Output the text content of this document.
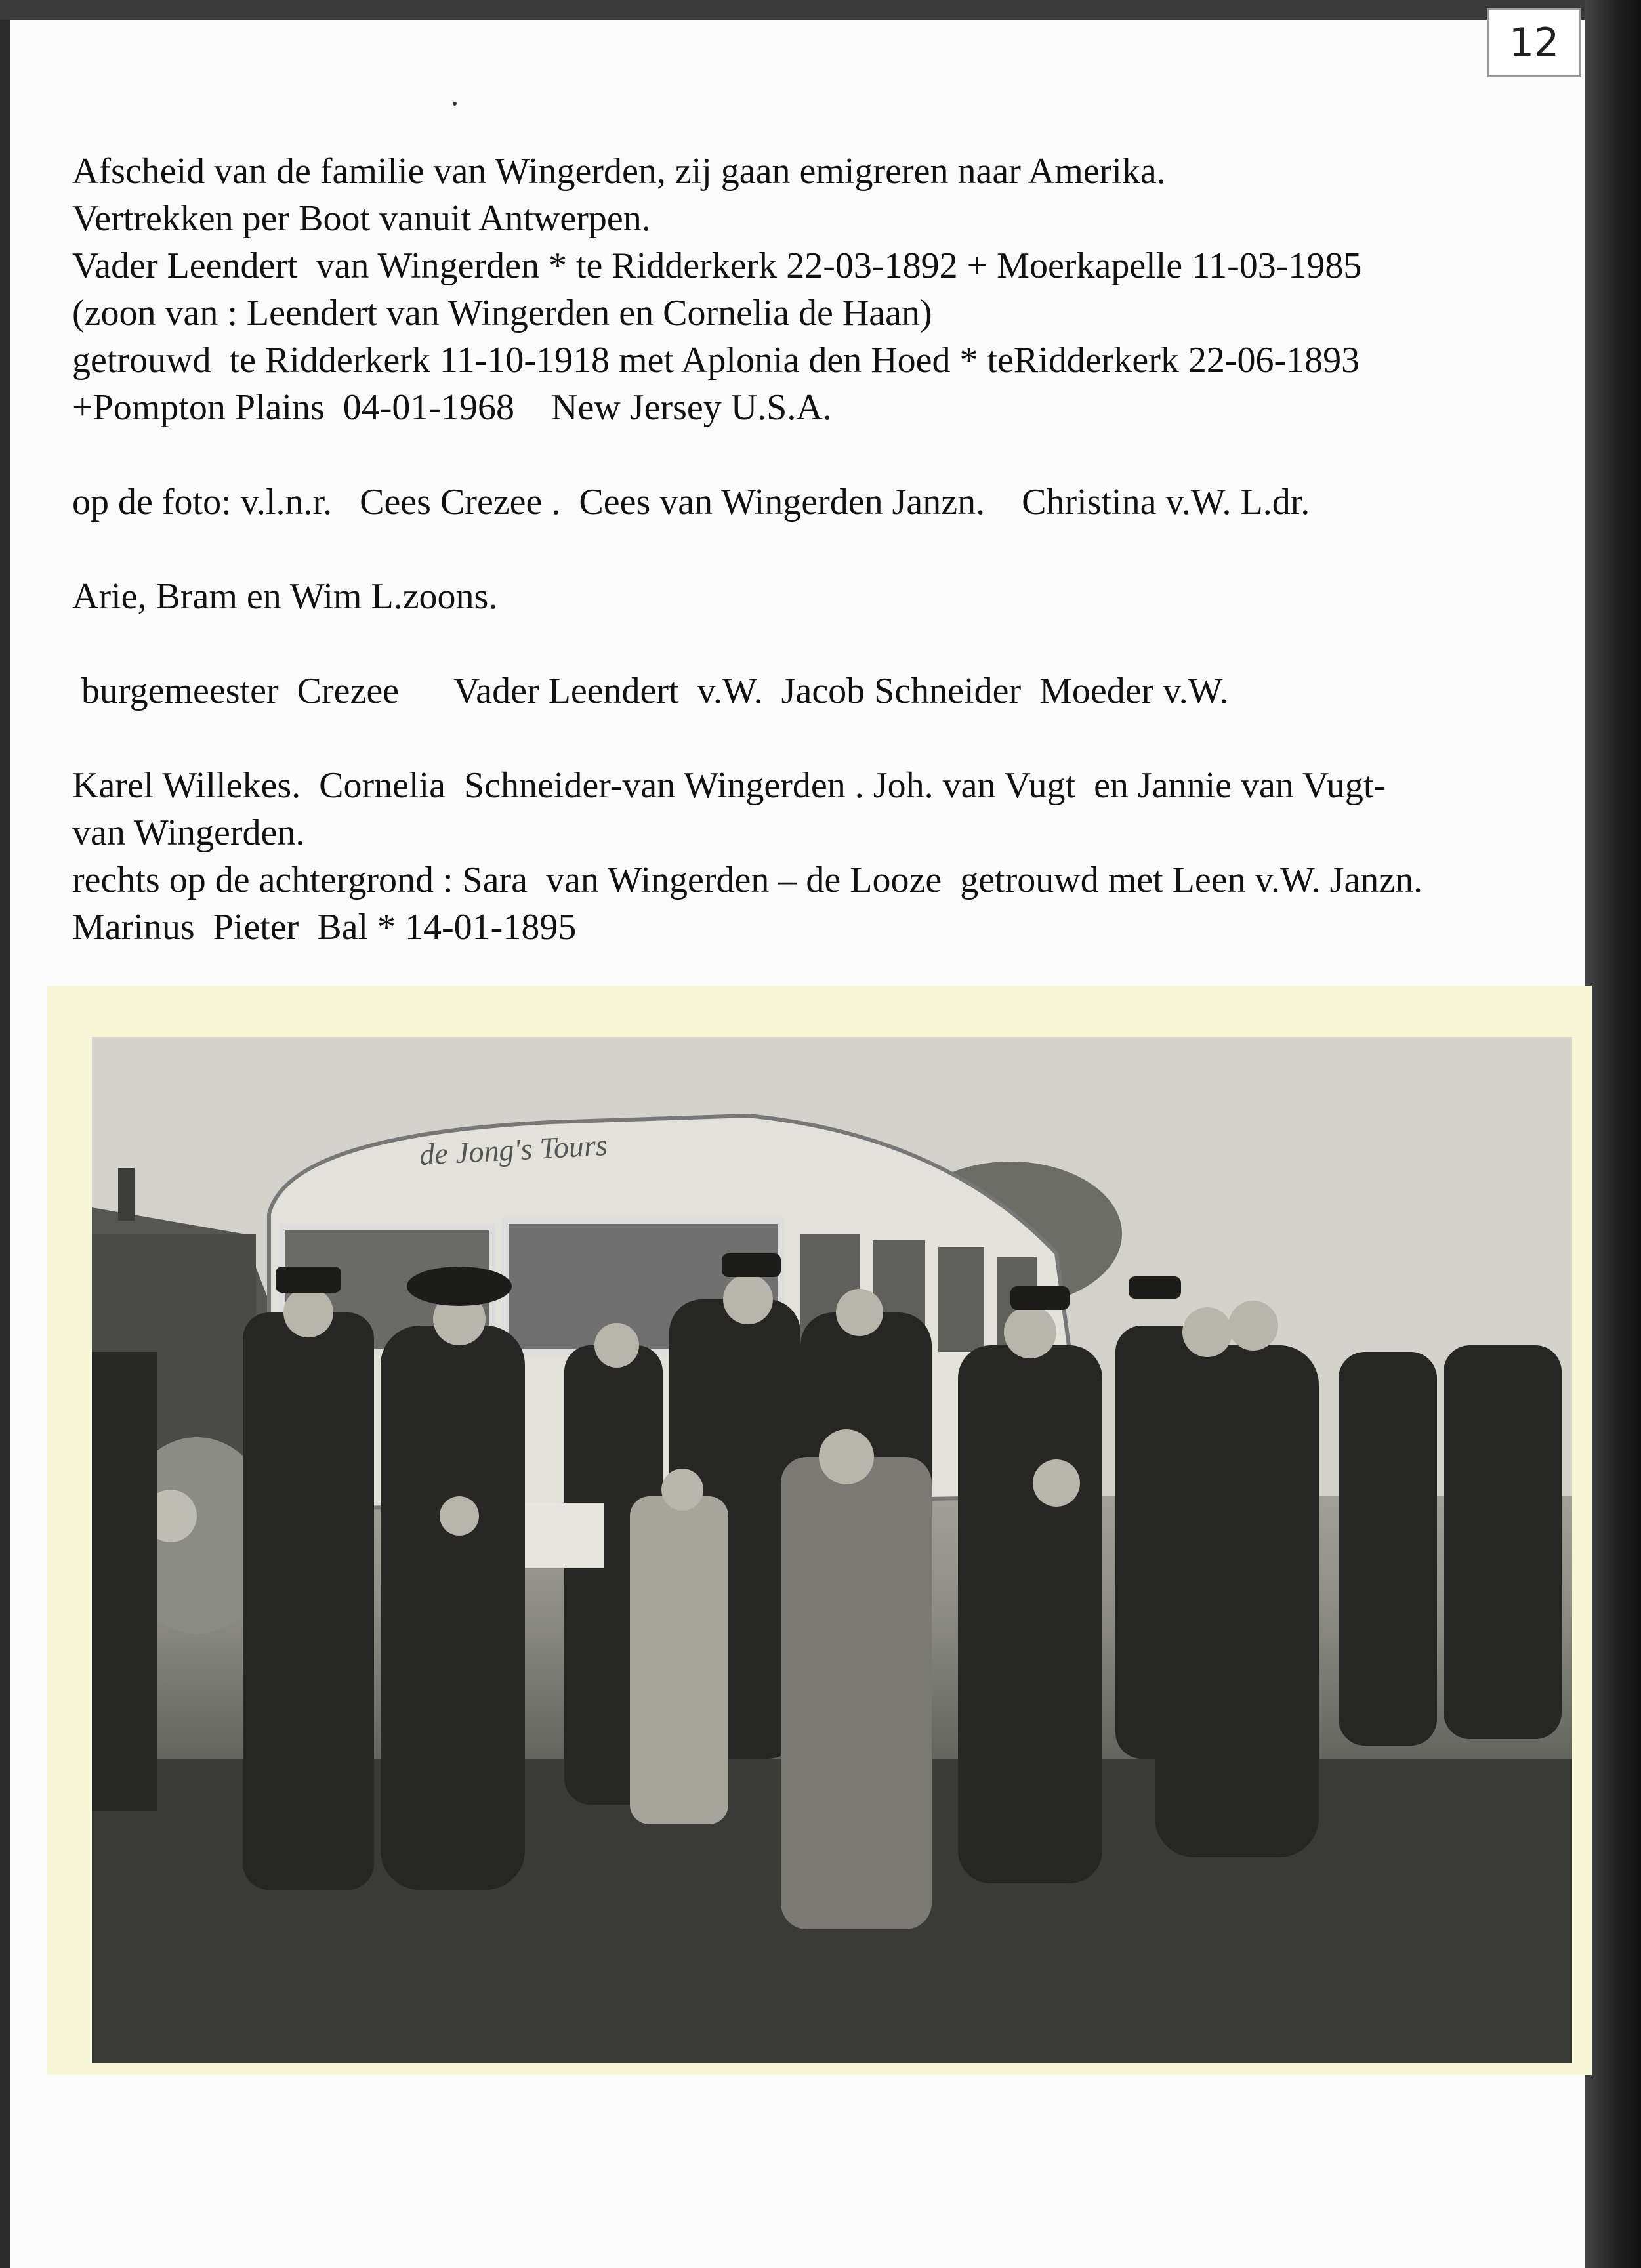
12
Afscheid van de familie van Wingerden, zij gaan emigreren naar Amerika.
Vertrekken per Boot vanuit Antwerpen.
Vader Leendert  van Wingerden * te Ridderkerk 22-03-1892 + Moerkapelle 11-03-1985
(zoon van : Leendert van Wingerden en Cornelia de Haan)
getrouwd  te Ridderkerk 11-10-1918 met Aplonia den Hoed * teRidderkerk 22-06-1893
+Pompton Plains  04-01-1968    New Jersey U.S.A.
op de foto: v.l.n.r.   Cees Crezee .  Cees van Wingerden Janzn.    Christina v.W. L.dr.
Arie, Bram en Wim L.zoons.
burgemeester  Crezee      Vader Leendert  v.W.  Jacob Schneider  Moeder v.W.
Karel Willekes.  Cornelia  Schneider-van Wingerden . Joh. van Vugt  en Jannie van Vugt-
van Wingerden.
rechts op de achtergrond : Sara  van Wingerden – de Looze  getrouwd met Leen v.W. Janzn.
Marinus  Pieter  Bal * 14-01-1895
de Jong's Tours
